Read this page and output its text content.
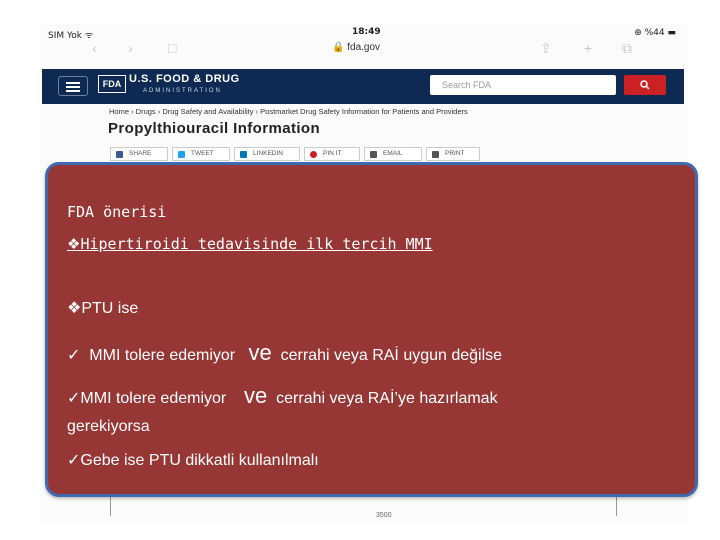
SIM Yok ᯤ	18:49	⊕ %44 ▬
‹ ›	□	🔒 fda.gov	⇪ + ⧉
FDA U.S. FOOD & DRUG
ADMINISTRATION
Search FDA
Home › Drugs › Drug Safety and Availability › Postmarket Drug Safety Information for Patients and Providers
Propylthiouracil Information
SHARE	TWEET	LINKEDIN	PIN IT	EMAIL	PRINT
3500
FDA önerisi
❖Hipertiroidi tedavisinde ilk tercih MMI
❖PTU ise
✓ MMI tolere edemiyor ve cerrahi veya RAİ uygun değilse
✓MMI tolere edemiyor ve cerrahi veya RAİ’ye hazırlamak
gerekiyorsa
✓Gebe ise PTU dikkatli kullanılmalı
